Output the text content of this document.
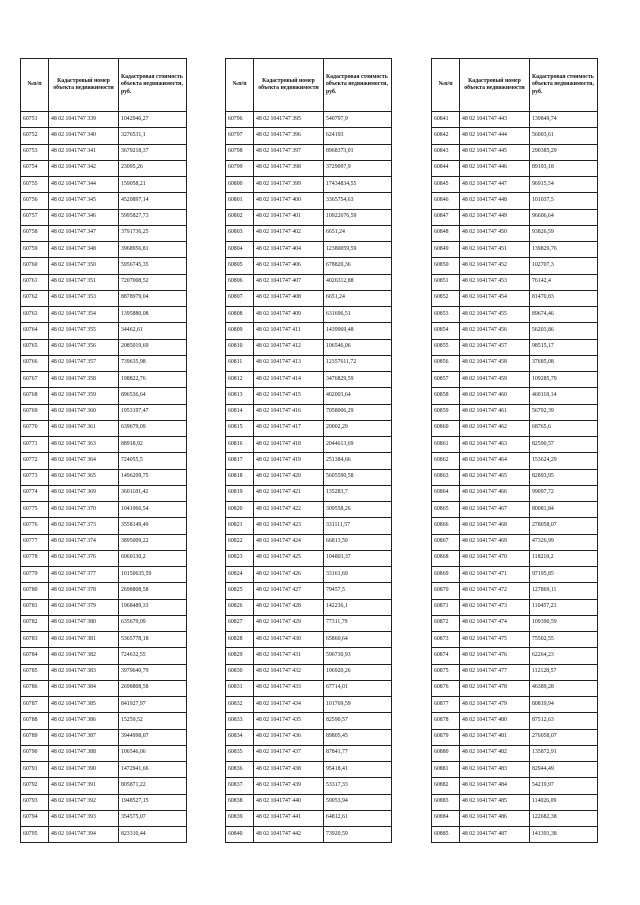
№п/п	Кадастровый номер объекта недвижимости	Кадастровая стоимость объекта недвижимости, руб.
60751	48 02 1041747 339	1042946,27
60752	48 02 1041747 340	3276531,1
60753	48 02 1041747 341	3679218,37
60754	48 02 1041747 342	23095,26
60755	48 02 1041747 344	159058,21
60756	48 02 1041747 345	4520897,14
60757	48 02 1041747 346	5995827,73
60758	48 02 1041747 347	3791736,25
60759	48 02 1041747 348	3968956,81
60760	48 02 1041747 350	5956745,35
60761	48 02 1041747 351	7207008,52
60762	48 02 1041747 353	8878979,04
60763	48 02 1041747 354	1395880,08
60764	48 02 1041747 355	34462,61
60765	48 02 1041747 356	2085019,69
60766	48 02 1041747 357	739635,98
60767	48 02 1041747 358	198822,76
60768	48 02 1041747 359	896536,64
60769	48 02 1041747 360	1953197,47
60770	48 02 1041747 361	639679,09
60771	48 02 1041747 363	88918,92
60772	48 02 1041747 364	724055,5
60773	48 02 1041747 365	1496209,75
60774	48 02 1041747 369	3601181,42
60775	48 02 1041747 370	1041966,54
60776	48 02 1041747 373	3558149,49
60777	48 02 1041747 374	3895009,22
60778	48 02 1041747 376	6060130,2
60779	48 02 1041747 377	10150635,59
60780	48 02 1041747 378	2698808,58
60781	48 02 1041747 379	1968489,33
60782	48 02 1041747 380	635679,09
60783	48 02 1041747 381	5365778,18
60784	48 02 1041747 382	724632,55
60785	48 02 1041747 383	3979640,79
60786	48 02 1041747 384	2698808,58
60787	48 02 1041747 385	841927,97
60788	48 02 1041747 386	15259,52
60789	48 02 1041747 387	3944998,07
60790	48 02 1041747 388	106546,06
60791	48 02 1041747 390	1472941,66
60792	48 02 1041747 391	805871,22
60793	48 02 1041747 392	1948527,15
60794	48 02 1041747 393	354575,07
60795	48 02 1041747 394	823310,44
№п/п	Кадастровый номер объекта недвижимости	Кадастровая стоимость объекта недвижимости, руб.
60796	48 02 1041747 395	540797,9
60797	48 02 1041747 396	624193
60798	48 02 1041747 397	8968373,01
60799	48 02 1041747 398	3729097,9
60800	48 02 1041747 399	17434834,55
60801	48 02 1041747 400	3365754,63
60802	48 02 1041747 401	10922676,59
60803	48 02 1041747 402	6651,24
60804	48 02 1041747 404	12380059,59
60805	48 02 1041747 406	678820,36
60806	48 02 1041747 407	4026312,88
60807	48 02 1041747 408	6651,24
60808	48 02 1041747 409	631696,51
60809	48 02 1041747 411	1439969,48
60810	48 02 1041747 412	106546,06
60811	48 02 1041747 413	12357611,72
60812	48 02 1041747 414	3476829,59
60813	48 02 1041747 415	402003,64
60814	48 02 1041747 416	7058006,29
60815	48 02 1041747 417	20002,29
60816	48 02 1041747 418	2044613,69
60817	48 02 1041747 419	251384,66
60818	48 02 1041747 420	5605590,58
60819	48 02 1041747 421	135283,7
60820	48 02 1041747 422	309558,26
60821	48 02 1041747 423	331111,57
60822	48 02 1041747 424	66813,59
60823	48 02 1041747 425	104803,37
60824	48 02 1041747 426	33161,69
60825	48 02 1041747 427	79457,5
60826	48 02 1041747 428	142236,1
60827	48 02 1041747 429	77311,79
60828	48 02 1041747 430	65860,64
60829	48 02 1041747 431	596730,93
60830	48 02 1041747 432	106920,26
60831	48 02 1041747 433	67714,01
60832	48 02 1041747 434	101769,59
60833	48 02 1041747 435	82590,57
60834	48 02 1041747 436	89805,45
60835	48 02 1041747 437	87841,77
60836	48 02 1041747 438	95418,41
60837	48 02 1041747 439	53317,33
60838	48 02 1041747 440	59053,94
60839	48 02 1041747 441	64812,61
60840	48 02 1041747 442	73920,59
№п/п	Кадастровый номер объекта недвижимости	Кадастровая стоимость объекта недвижимости, руб.
60841	48 02 1041747 443	139849,74
60842	48 02 1041747 444	56003,61
60843	48 02 1041747 445	290385,29
60844	48 02 1041747 446	89193,18
60845	48 02 1041747 447	96915,54
60846	48 02 1041747 448	101037,5
60847	48 02 1041747 449	96606,64
60848	48 02 1041747 450	93826,59
60849	48 02 1041747 451	139829,76
60850	48 02 1041747 452	102707,3
60851	48 02 1041747 453	76142,4
60852	48 02 1041747 454	81470,83
60853	48 02 1041747 455	89674,46
60854	48 02 1041747 456	56203,86
60855	48 02 1041747 457	98515,17
60856	48 02 1041747 458	37685,08
60857	48 02 1041747 459	109285,79
60858	48 02 1041747 460	460118,14
60859	48 02 1041747 461	56792,39
60860	48 02 1041747 462	68765,6
60861	48 02 1041747 463	82590,57
60862	48 02 1041747 464	153624,29
60863	48 02 1041747 465	82893,95
60864	48 02 1041747 466	99097,72
60865	48 02 1041747 467	80081,84
60866	48 02 1041747 468	278058,07
60867	48 02 1041747 469	47326,99
60868	48 02 1041747 470	118218,2
60869	48 02 1041747 471	97195,85
60870	48 02 1041747 472	127869,11
60871	48 02 1041747 473	110457,23
60872	48 02 1041747 474	109390,59
60873	48 02 1041747 475	75502,55
60874	48 02 1041747 476	62264,23
60875	48 02 1041747 477	112128,57
60876	48 02 1041747 478	46389,28
60877	48 02 1041747 479	80819,94
60878	48 02 1041747 480	87512,63
60879	48 02 1041747 481	276058,07
60880	48 02 1041747 482	135872,91
60881	48 02 1041747 483	82944,49
60882	48 02 1041747 484	54219,97
60883	48 02 1041747 485	114026,09
60884	48 02 1041747 486	122682,38
60885	48 02 1041747 487	141393,38
